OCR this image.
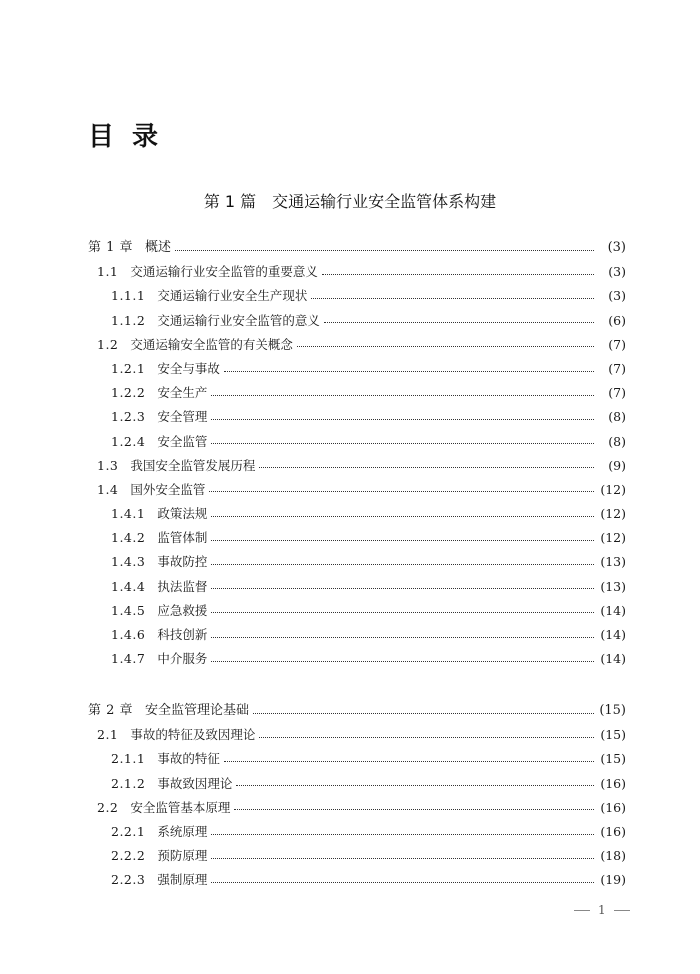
目录
第 1 篇 交通运输行业安全监管体系构建
第 1 章 概述	(3)
1.1 交通运输行业安全监管的重要意义	(3)
1.1.1 交通运输行业安全生产现状	(3)
1.1.2 交通运输行业安全监管的意义	(6)
1.2 交通运输安全监管的有关概念	(7)
1.2.1 安全与事故	(7)
1.2.2 安全生产	(7)
1.2.3 安全管理	(8)
1.2.4 安全监管	(8)
1.3 我国安全监管发展历程	(9)
1.4 国外安全监管	(12)
1.4.1 政策法规	(12)
1.4.2 监管体制	(12)
1.4.3 事故防控	(13)
1.4.4 执法监督	(13)
1.4.5 应急救援	(14)
1.4.6 科技创新	(14)
1.4.7 中介服务	(14)
第 2 章 安全监管理论基础	(15)
2.1 事故的特征及致因理论	(15)
2.1.1 事故的特征	(15)
2.1.2 事故致因理论	(16)
2.2 安全监管基本原理	(16)
2.2.1 系统原理	(16)
2.2.2 预防原理	(18)
2.2.3 强制原理	(19)
1
